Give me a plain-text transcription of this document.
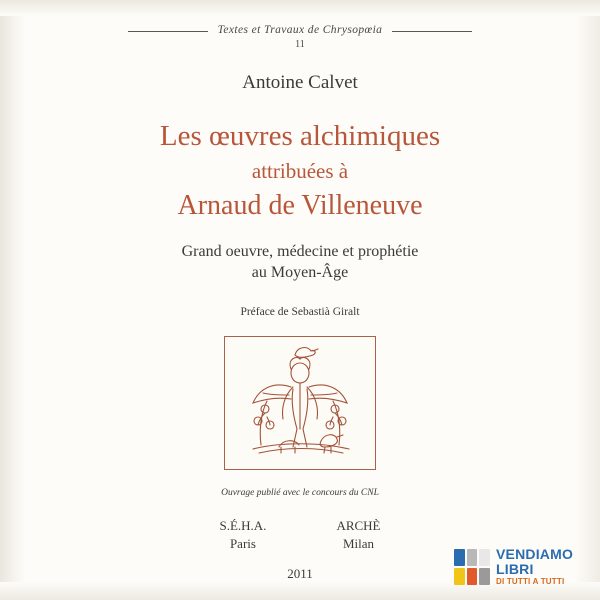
Textes et Travaux de Chrysopœia
11
Antoine Calvet
Les œuvres alchimiques
attribuées à
Arnaud de Villeneuve
Grand oeuvre, médecine et prophétie
au Moyen-Âge
Préface de Sebastià Giralt
Ouvrage publié avec le concours du CNL
S.É.H.A.
Paris
ARCHÈ
Milan
2011
VENDIAMO
LIBRI
DI TUTTI A TUTTI
